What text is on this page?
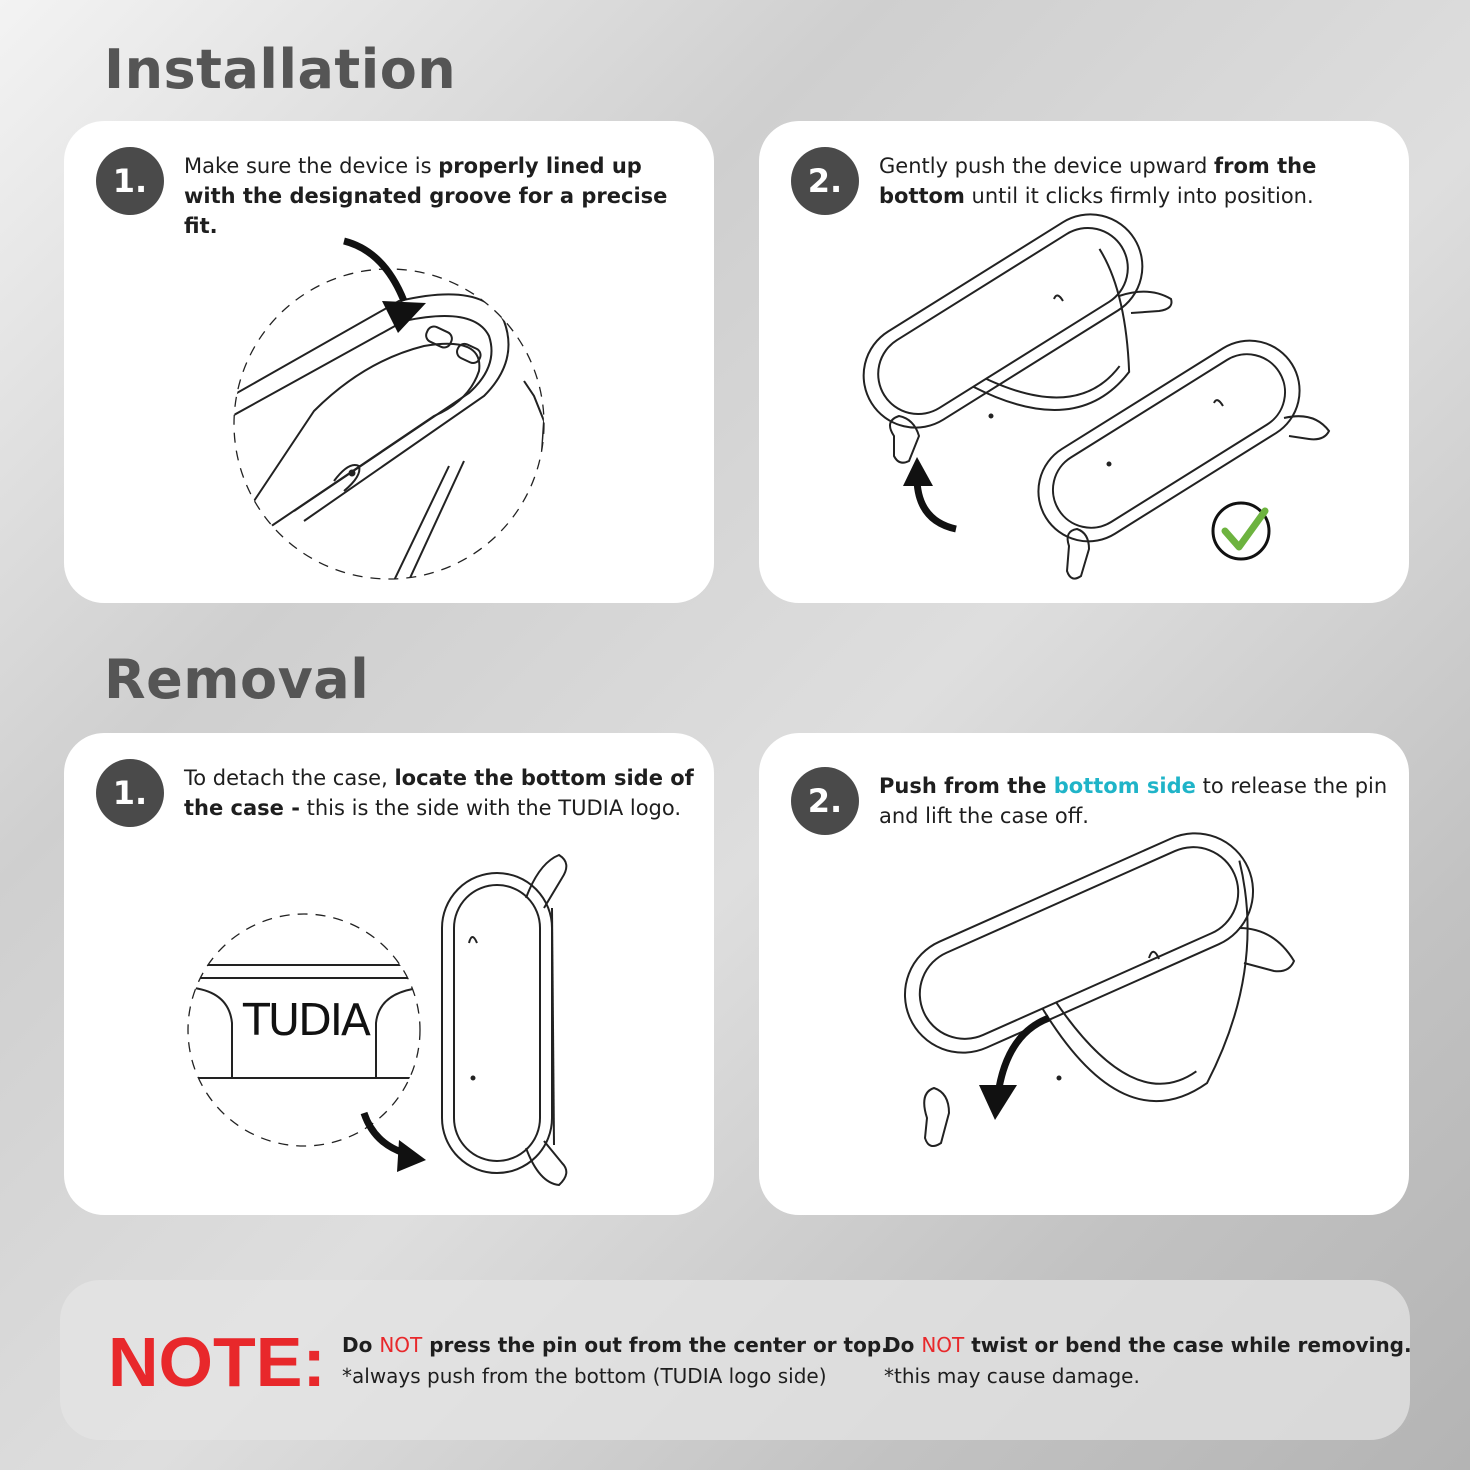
Installation
1.	Make sure the device is properly lined up with the designated groove for a precise fit.
2.	Gently push the device upward from the bottom until it clicks firmly into position.
Removal
1.	To detach the case, locate the bottom side of the case - this is the side with the TUDIA logo.
TUDIA
2.	Push from the bottom side to release the pin and lift the case off.
NOTE: Do NOT press the pin out from the center or top.
*always push from the bottom (TUDIA logo side)
Do NOT twist or bend the case while removing.
*this may cause damage.
